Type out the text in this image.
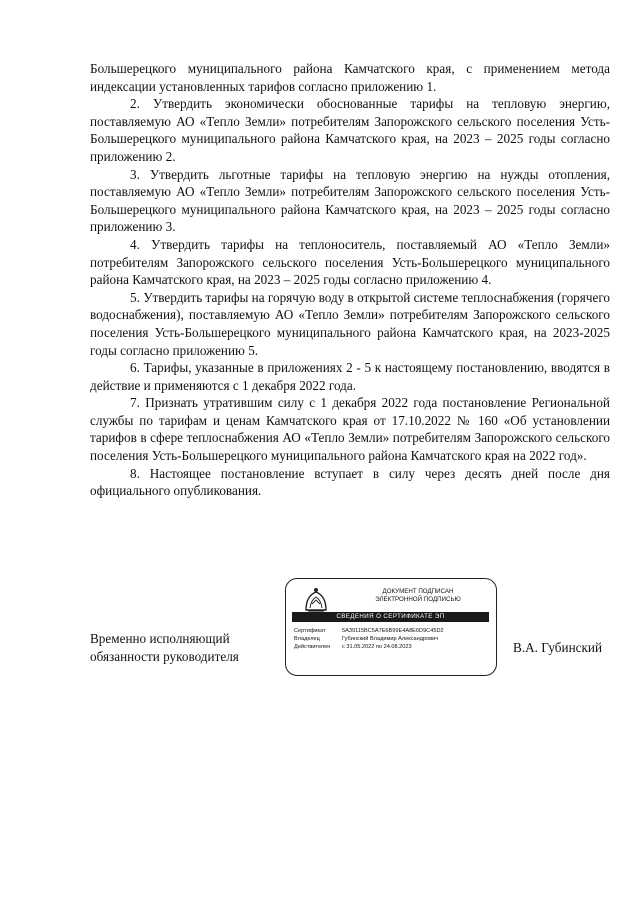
Большерецкого муниципального района Камчатского края, с применением метода индексации установленных тарифов согласно приложению 1.

2. Утвердить экономически обоснованные тарифы на тепловую энергию, поставляемую АО «Тепло Земли» потребителям Запорожского сельского поселения Усть-Большерецкого муниципального района Камчатского края, на 2023 – 2025 годы согласно приложению 2.

3. Утвердить льготные тарифы на тепловую энергию на нужды отопления, поставляемую АО «Тепло Земли» потребителям Запорожского сельского поселения Усть-Большерецкого муниципального района Камчатского края, на 2023 – 2025 годы согласно приложению 3.

4. Утвердить тарифы на теплоноситель, поставляемый АО «Тепло Земли» потребителям Запорожского сельского поселения Усть-Большерецкого муниципального района Камчатского края, на 2023 – 2025 годы согласно приложению 4.

5. Утвердить тарифы на горячую воду в открытой системе теплоснабжения (горячего водоснабжения), поставляемую АО «Тепло Земли» потребителям Запорожского сельского поселения Усть-Большерецкого муниципального района Камчатского края, на 2023-2025 годы согласно приложению 5.

6. Тарифы, указанные в приложениях 2 - 5 к настоящему постановлению, вводятся в действие и применяются с 1 декабря 2022 года.

7. Признать утратившим силу с 1 декабря 2022 года постановление Региональной службы по тарифам и ценам Камчатского края от 17.10.2022 № 160 «Об установлении тарифов в сфере теплоснабжения АО «Тепло Земли» потребителям Запорожского сельского поселения Усть-Большерецкого муниципального района Камчатского края на 2022 год».

8. Настоящее постановление вступает в силу через десять дней после дня официального опубликования.

Временно исполняющий
обязанности руководителя
ДОКУМЕНТ ПОДПИСАН
ЭЛЕКТРОННОЙ ПОДПИСЬЮ
СВЕДЕНИЯ О СЕРТИФИКАТЕ ЭП
Сертификат	5A39115BC5A7E6B99E4A8E6D9C45D2
Владелец	Губинский Владимир Александрович
Действителен	с 31.05.2022 по 24.08.2023	В.А. Губинский
